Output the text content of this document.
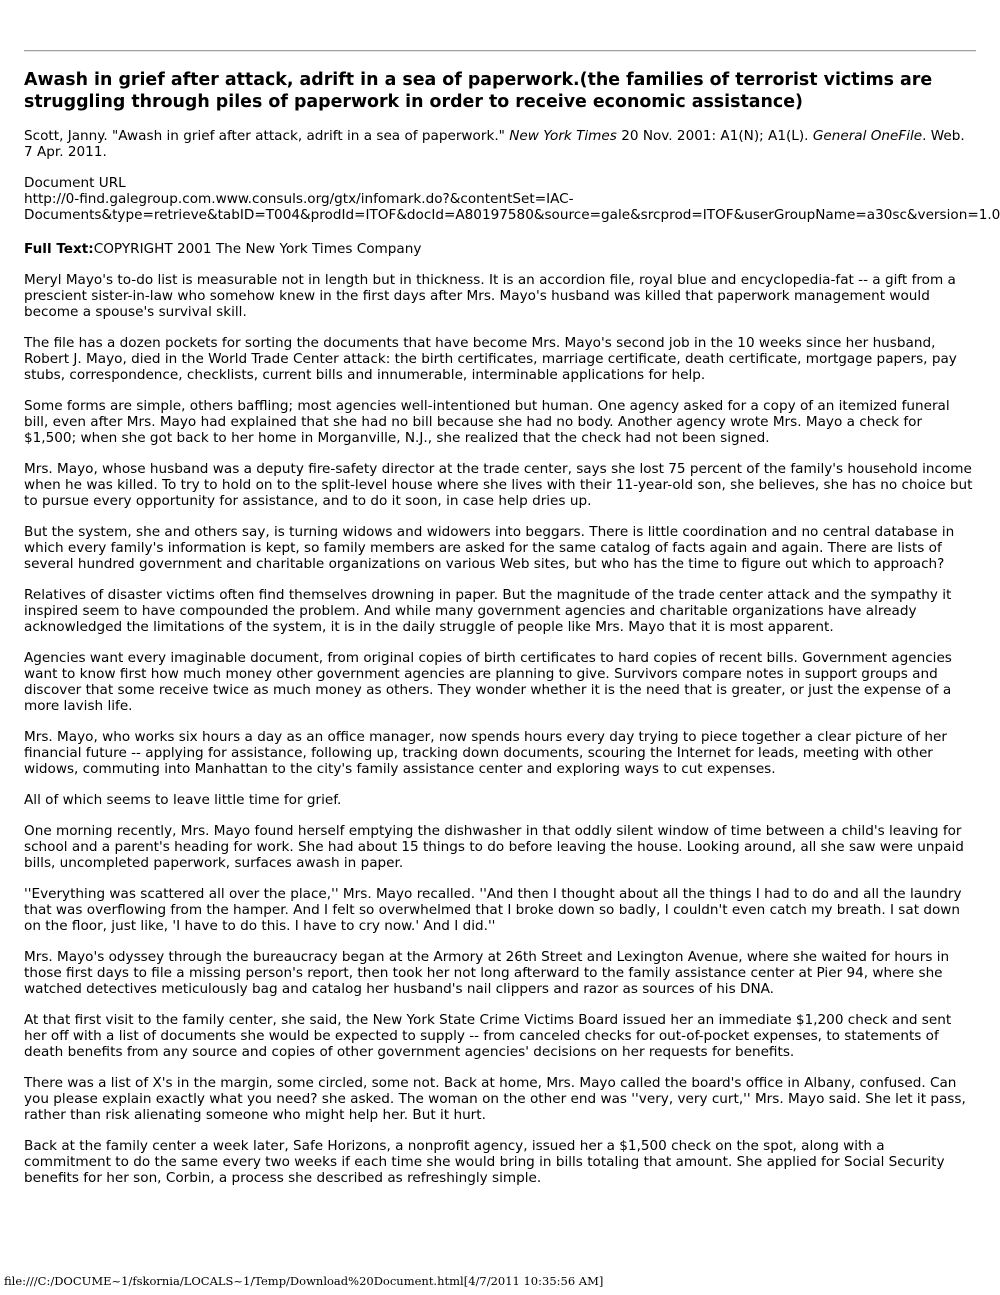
Awash in grief after attack, adrift in a sea of paperwork.(the families of terrorist victims are struggling through piles of paperwork in order to receive economic assistance)

Scott, Janny. "Awash in grief after attack, adrift in a sea of paperwork." New York Times 20 Nov. 2001: A1(N); A1(L). General OneFile. Web. 7 Apr. 2011.

Document URL
http://0-find.galegroup.com.www.consuls.org/gtx/infomark.do?&contentSet=IAC-
Documents&type=retrieve&tabID=T004&prodId=ITOF&docId=A80197580&source=gale&srcprod=ITOF&userGroupName=a30sc&version=1.0

Full Text:COPYRIGHT 2001 The New York Times Company

Meryl Mayo's to-do list is measurable not in length but in thickness. It is an accordion file, royal blue and encyclopedia-fat -- a gift from a prescient sister-in-law who somehow knew in the first days after Mrs. Mayo's husband was killed that paperwork management would become a spouse's survival skill.

The file has a dozen pockets for sorting the documents that have become Mrs. Mayo's second job in the 10 weeks since her husband, Robert J. Mayo, died in the World Trade Center attack: the birth certificates, marriage certificate, death certificate, mortgage papers, pay stubs, correspondence, checklists, current bills and innumerable, interminable applications for help.

Some forms are simple, others baffling; most agencies well-intentioned but human. One agency asked for a copy of an itemized funeral bill, even after Mrs. Mayo had explained that she had no bill because she had no body. Another agency wrote Mrs. Mayo a check for $1,500; when she got back to her home in Morganville, N.J., she realized that the check had not been signed.

Mrs. Mayo, whose husband was a deputy fire-safety director at the trade center, says she lost 75 percent of the family's household income when he was killed. To try to hold on to the split-level house where she lives with their 11-year-old son, she believes, she has no choice but to pursue every opportunity for assistance, and to do it soon, in case help dries up.

But the system, she and others say, is turning widows and widowers into beggars. There is little coordination and no central database in which every family's information is kept, so family members are asked for the same catalog of facts again and again. There are lists of several hundred government and charitable organizations on various Web sites, but who has the time to figure out which to approach?

Relatives of disaster victims often find themselves drowning in paper. But the magnitude of the trade center attack and the sympathy it inspired seem to have compounded the problem. And while many government agencies and charitable organizations have already acknowledged the limitations of the system, it is in the daily struggle of people like Mrs. Mayo that it is most apparent.

Agencies want every imaginable document, from original copies of birth certificates to hard copies of recent bills. Government agencies want to know first how much money other government agencies are planning to give. Survivors compare notes in support groups and discover that some receive twice as much money as others. They wonder whether it is the need that is greater, or just the expense of a more lavish life.

Mrs. Mayo, who works six hours a day as an office manager, now spends hours every day trying to piece together a clear picture of her financial future -- applying for assistance, following up, tracking down documents, scouring the Internet for leads, meeting with other widows, commuting into Manhattan to the city's family assistance center and exploring ways to cut expenses.

All of which seems to leave little time for grief.

One morning recently, Mrs. Mayo found herself emptying the dishwasher in that oddly silent window of time between a child's leaving for school and a parent's heading for work. She had about 15 things to do before leaving the house. Looking around, all she saw were unpaid bills, uncompleted paperwork, surfaces awash in paper.

''Everything was scattered all over the place,'' Mrs. Mayo recalled. ''And then I thought about all the things I had to do and all the laundry that was overflowing from the hamper. And I felt so overwhelmed that I broke down so badly, I couldn't even catch my breath. I sat down on the floor, just like, 'I have to do this. I have to cry now.' And I did.''

Mrs. Mayo's odyssey through the bureaucracy began at the Armory at 26th Street and Lexington Avenue, where she waited for hours in those first days to file a missing person's report, then took her not long afterward to the family assistance center at Pier 94, where she watched detectives meticulously bag and catalog her husband's nail clippers and razor as sources of his DNA.

At that first visit to the family center, she said, the New York State Crime Victims Board issued her an immediate $1,200 check and sent her off with a list of documents she would be expected to supply -- from canceled checks for out-of-pocket expenses, to statements of death benefits from any source and copies of other government agencies' decisions on her requests for benefits.

There was a list of X's in the margin, some circled, some not. Back at home, Mrs. Mayo called the board's office in Albany, confused. Can you please explain exactly what you need? she asked. The woman on the other end was ''very, very curt,'' Mrs. Mayo said. She let it pass, rather than risk alienating someone who might help her. But it hurt.

Back at the family center a week later, Safe Horizons, a nonprofit agency, issued her a $1,500 check on the spot, along with a commitment to do the same every two weeks if each time she would bring in bills totaling that amount. She applied for Social Security benefits for her son, Corbin, a process she described as refreshingly simple.

file:///C:/DOCUME~1/fskornia/LOCALS~1/Temp/Download%20Document.html[4/7/2011 10:35:56 AM]
